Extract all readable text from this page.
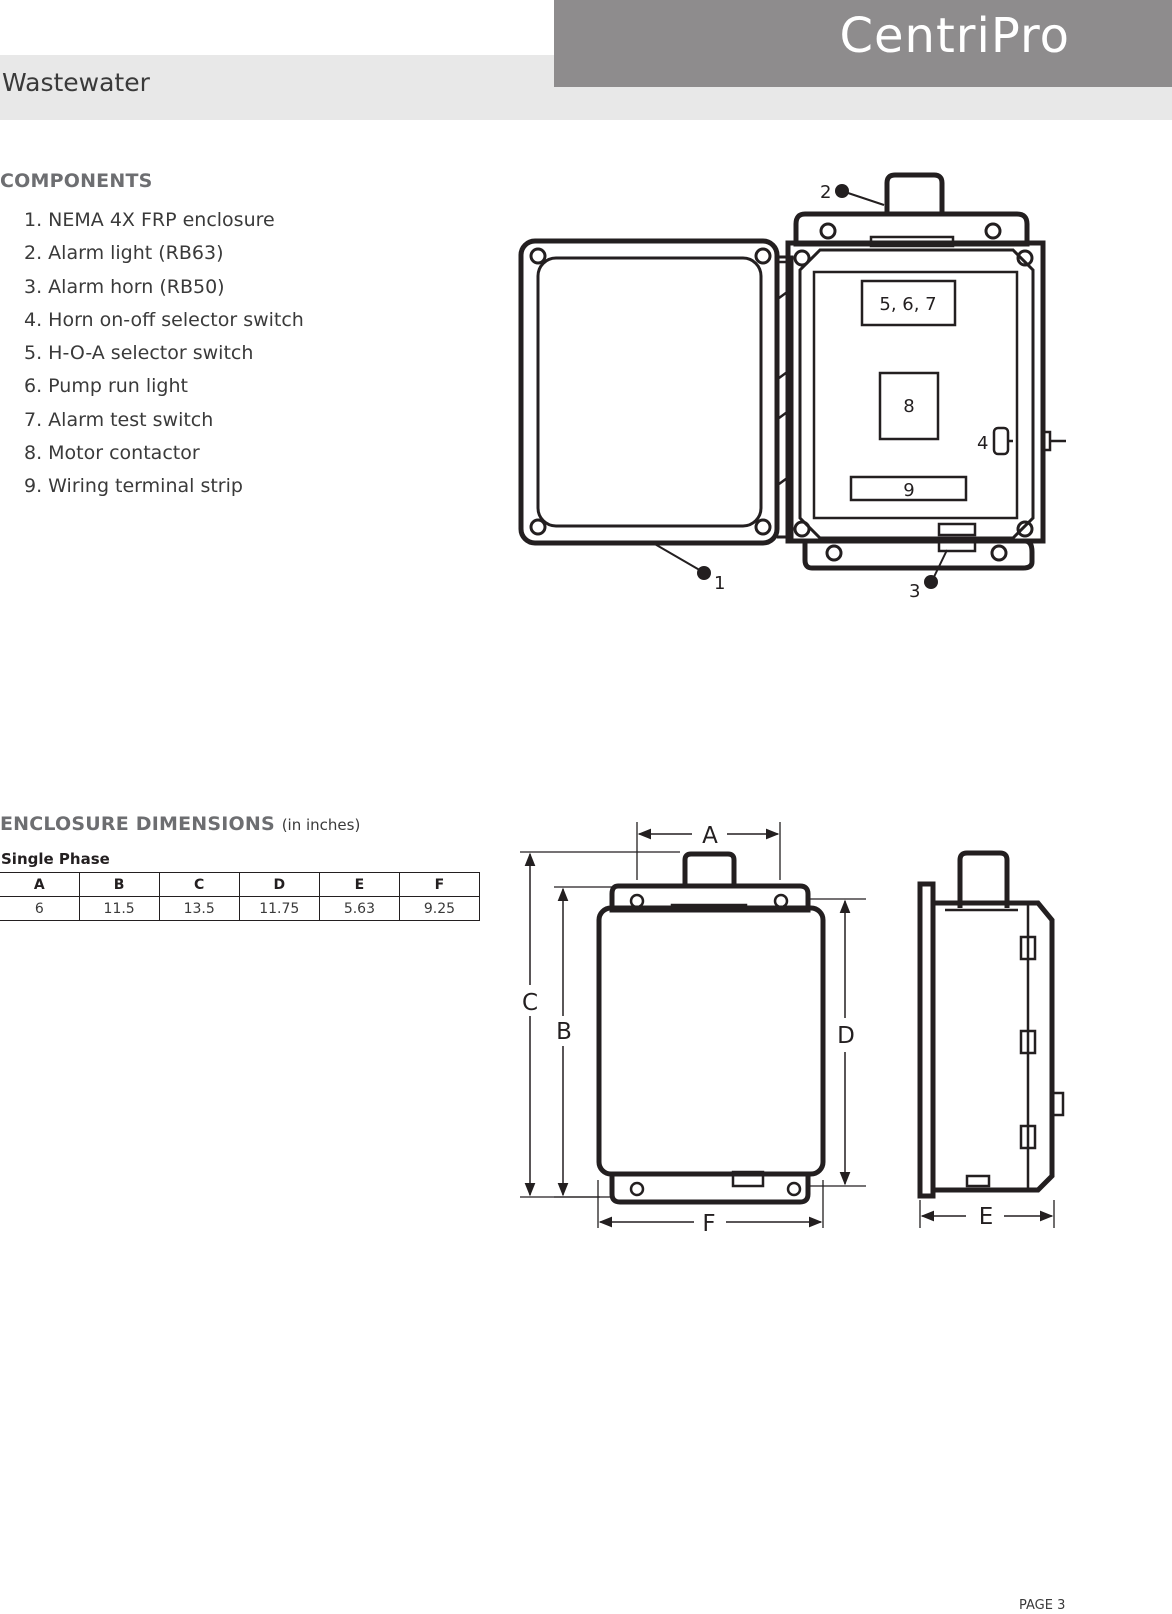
CentriPro
Wastewater
COMPONENTS
1. NEMA 4X FRP enclosure
2. Alarm light (RB63)
3. Alarm horn (RB50)
4. Horn on-off selector switch
5. H-O-A selector switch
6. Pump run light
7. Alarm test switch
8. Motor contactor
9. Wiring terminal strip
1
2
3
4
5, 6, 7
8
9
ENCLOSURE DIMENSIONS (in inches)
Single Phase
A	B	C	D	E	F
6	11.5	13.5	11.75	5.63	9.25
A
B
C
D
E
F
PAGE 3
